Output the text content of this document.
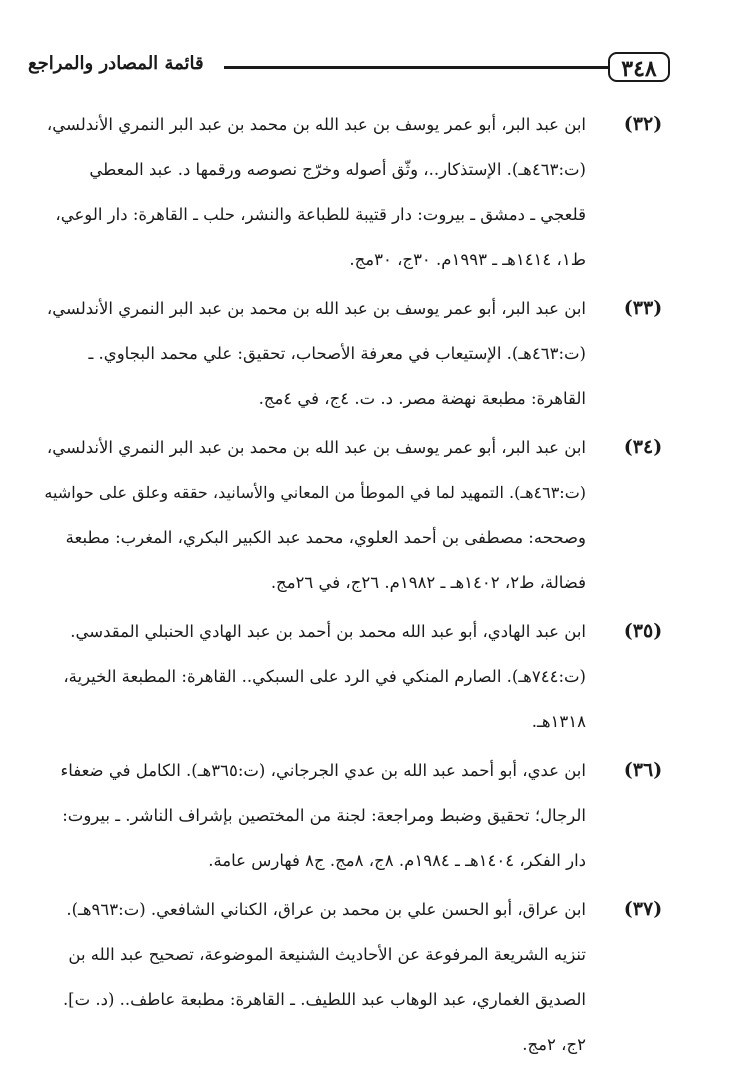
٣٤٨
قائمة المصادر والمراجع
(٣٢)
ابن عبد البر، أبو عمر يوسف بن عبد الله بن محمد بن عبد البر النمري الأندلسي،
(ت:٤٦٣هـ). الإستذكار..، وثّق أصوله وخرّج نصوصه ورقمها د. عبد المعطي
قلعجي ـ دمشق ـ بيروت: دار قتيبة للطباعة والنشر، حلب ـ القاهرة: دار الوعي،
ط١، ١٤١٤هـ ـ ١٩٩٣م. ٣٠ج، ٣٠مج.
(٣٣)
ابن عبد البر، أبو عمر يوسف بن عبد الله بن محمد بن عبد البر النمري الأندلسي،
(ت:٤٦٣هـ). الإستيعاب في معرفة الأصحاب، تحقيق: علي محمد البجاوي. ـ
القاهرة: مطبعة نهضة مصر. د. ت. ٤ج، في ٤مج.
(٣٤)
ابن عبد البر، أبو عمر يوسف بن عبد الله بن محمد بن عبد البر النمري الأندلسي،
(ت:٤٦٣هـ). التمهيد لما في الموطأ من المعاني والأسانيد، حققه وعلق على حواشيه
وصححه: مصطفى بن أحمد العلوي، محمد عبد الكبير البكري، المغرب: مطبعة
فضالة، ط٢، ١٤٠٢هـ ـ ١٩٨٢م. ٢٦ج، في ٢٦مج.
(٣٥)
ابن عبد الهادي، أبو عبد الله محمد بن أحمد بن عبد الهادي الحنبلي المقدسي.
(ت:٧٤٤هـ). الصارم المنكي في الرد على السبكي.. القاهرة: المطبعة الخيرية،
١٣١٨هـ.
(٣٦)
ابن عدي، أبو أحمد عبد الله بن عدي الجرجاني، (ت:٣٦٥هـ). الكامل في ضعفاء
الرجال؛ تحقيق وضبط ومراجعة: لجنة من المختصين بإشراف الناشر. ـ بيروت:
دار الفكر، ١٤٠٤هـ ـ ١٩٨٤م. ٨ج، ٨مج. ج٨ فهارس عامة.
(٣٧)
ابن عراق، أبو الحسن علي بن محمد بن عراق، الكناني الشافعي. (ت:٩٦٣هـ).
تنزيه الشريعة المرفوعة عن الأحاديث الشنيعة الموضوعة، تصحيح عبد الله بن
الصديق الغماري، عبد الوهاب عبد اللطيف. ـ القاهرة: مطبعة عاطف.. (د. ت].
٢ج، ٢مج.
